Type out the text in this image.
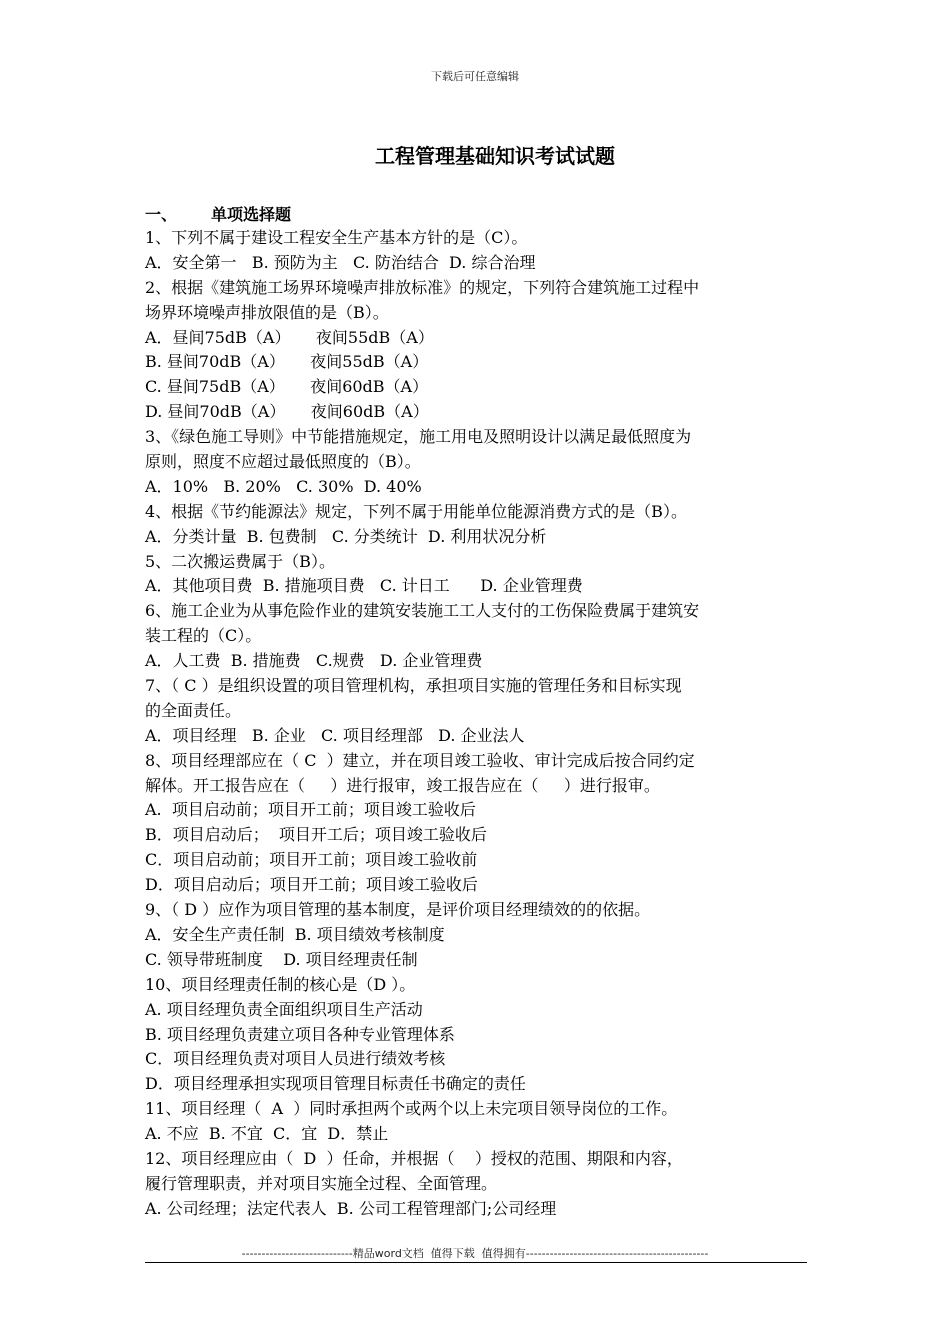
下载后可任意编辑
工程管理基础知识考试试题
一、 单项选择题
1、下列不属于建设工程安全生产基本方针的是（C）。
A．安全第一   B. 预防为主   C. 防治结合  D. 综合治理
2、根据《建筑施工场界环境噪声排放标准》的规定，下列符合建筑施工过程中
场界环境噪声排放限值的是（B）。
A．昼间75dB（A）     夜间55dB（A）
B. 昼间70dB（A）     夜间55dB（A）
C. 昼间75dB（A）     夜间60dB（A）
D. 昼间70dB（A）     夜间60dB（A）
3、《绿色施工导则》中节能措施规定，施工用电及照明设计以满足最低照度为
原则，照度不应超过最低照度的（B）。
A．10%   B. 20%   C. 30%  D. 40%
4、根据《节约能源法》规定，下列不属于用能单位能源消费方式的是（B）。
A．分类计量  B. 包费制   C. 分类统计  D. 利用状况分析
5、二次搬运费属于（B）。
A．其他项目费  B. 措施项目费   C. 计日工      D. 企业管理费
6、施工企业为从事危险作业的建筑安装施工工人支付的工伤保险费属于建筑安
装工程的（C）。
A．人工费  B. 措施费   C.规费   D. 企业管理费
7、（ C ）是组织设置的项目管理机构，承担项目实施的管理任务和目标实现
的全面责任。
A．项目经理   B. 企业   C. 项目经理部   D. 企业法人
8、项目经理部应在（ C  ）建立，并在项目竣工验收、审计完成后按合同约定
解体。开工报告应在（     ）进行报审，竣工报告应在（     ）进行报审。
A.  项目启动前；项目开工前；项目竣工验收后
B．项目启动后；  项目开工后；项目竣工验收后
C．项目启动前；项目开工前；项目竣工验收前
D．项目启动后；项目开工前；项目竣工验收后
9、（ D ）应作为项目管理的基本制度，是评价项目经理绩效的的依据。
A．安全生产责任制  B. 项目绩效考核制度
C. 领导带班制度    D. 项目经理责任制
10、项目经理责任制的核心是（D ）。
A. 项目经理负责全面组织项目生产活动
B. 项目经理负责建立项目各种专业管理体系
C．项目经理负责对项目人员进行绩效考核
D．项目经理承担实现项目管理目标责任书确定的责任
11、项目经理（  A  ）同时承担两个或两个以上未完项目领导岗位的工作。
A. 不应  B. 不宜  C．宜  D．禁止
12、项目经理应由（  D  ）任命，并根据（    ）授权的范围、期限和内容，
履行管理职责，并对项目实施全过程、全面管理。
A. 公司经理；法定代表人  B. 公司工程管理部门;公司经理
----------------------------精品word文档  值得下载  值得拥有----------------------------------------------
